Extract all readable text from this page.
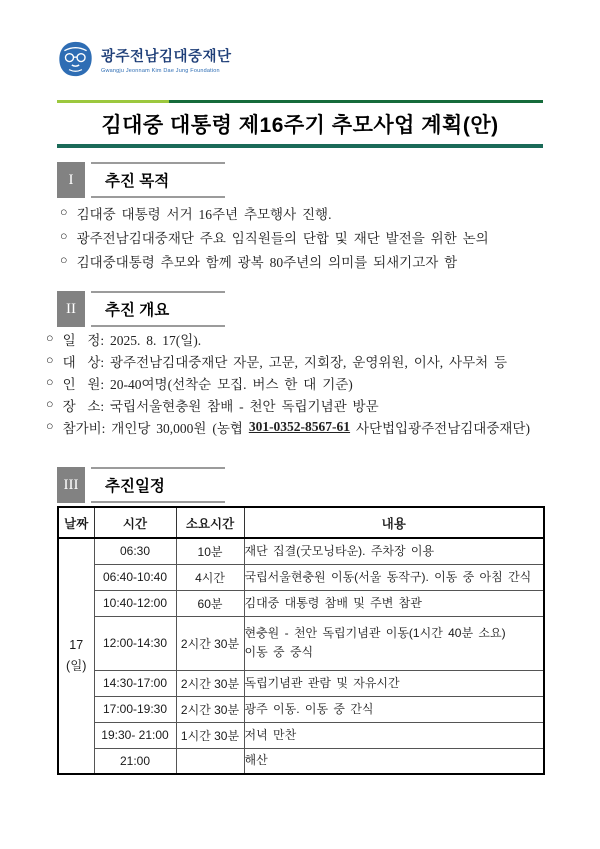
광주전남김대중재단
Gwangju Jeonnam Kim Dae Jung Foundation
김대중 대통령 제16주기 추모사업 계획(안)
I	추진 목적
○ 김대중 대통령 서거 16주년 추모행사 진행.
○ 광주전남김대중재단 주요 임직원들의 단합 및 재단 발전을 위한 논의
○ 김대중대통령 추모와 함께 광복 80주년의 의미를 되새기고자 함
II	추진 개요
○ 일  정: 2025. 8. 17(일).
○ 대  상: 광주전남김대중재단 자문, 고문, 지회장, 운영위원, 이사, 사무처 등
○ 인  원: 20-40여명(선착순 모집. 버스 한 대 기준)
○ 장  소: 국립서울현충원 참배 - 천안 독립기념관 방문
○ 참가비: 개인당 30,000원 (농협 301-0352-8567-61 사단법입광주전남김대중재단)
III	추진일정
날짜	시간	소요시간	내용

17
(일)	06:30	10분	재단 집결(굿모닝타운). 주차장 이용
	06:40-10:40	4시간	국립서울현충원 이동(서울 동작구). 이동 중 아침 간식
	10:40-12:00	60분	김대중 대통령 참배 및 주변 참관
	12:00-14:30	2시간 30분	현충원 - 천안 독립기념관 이동(1시간 40분 소요)
이동 중 중식

	14:30-17:00	2시간 30분	독립기념관 관람 및 자유시간
	17:00-19:30	2시간 30분	광주 이동. 이동 중 간식
	19:30- 21:00	1시간 30분	저녁 만찬
	21:00		해산
